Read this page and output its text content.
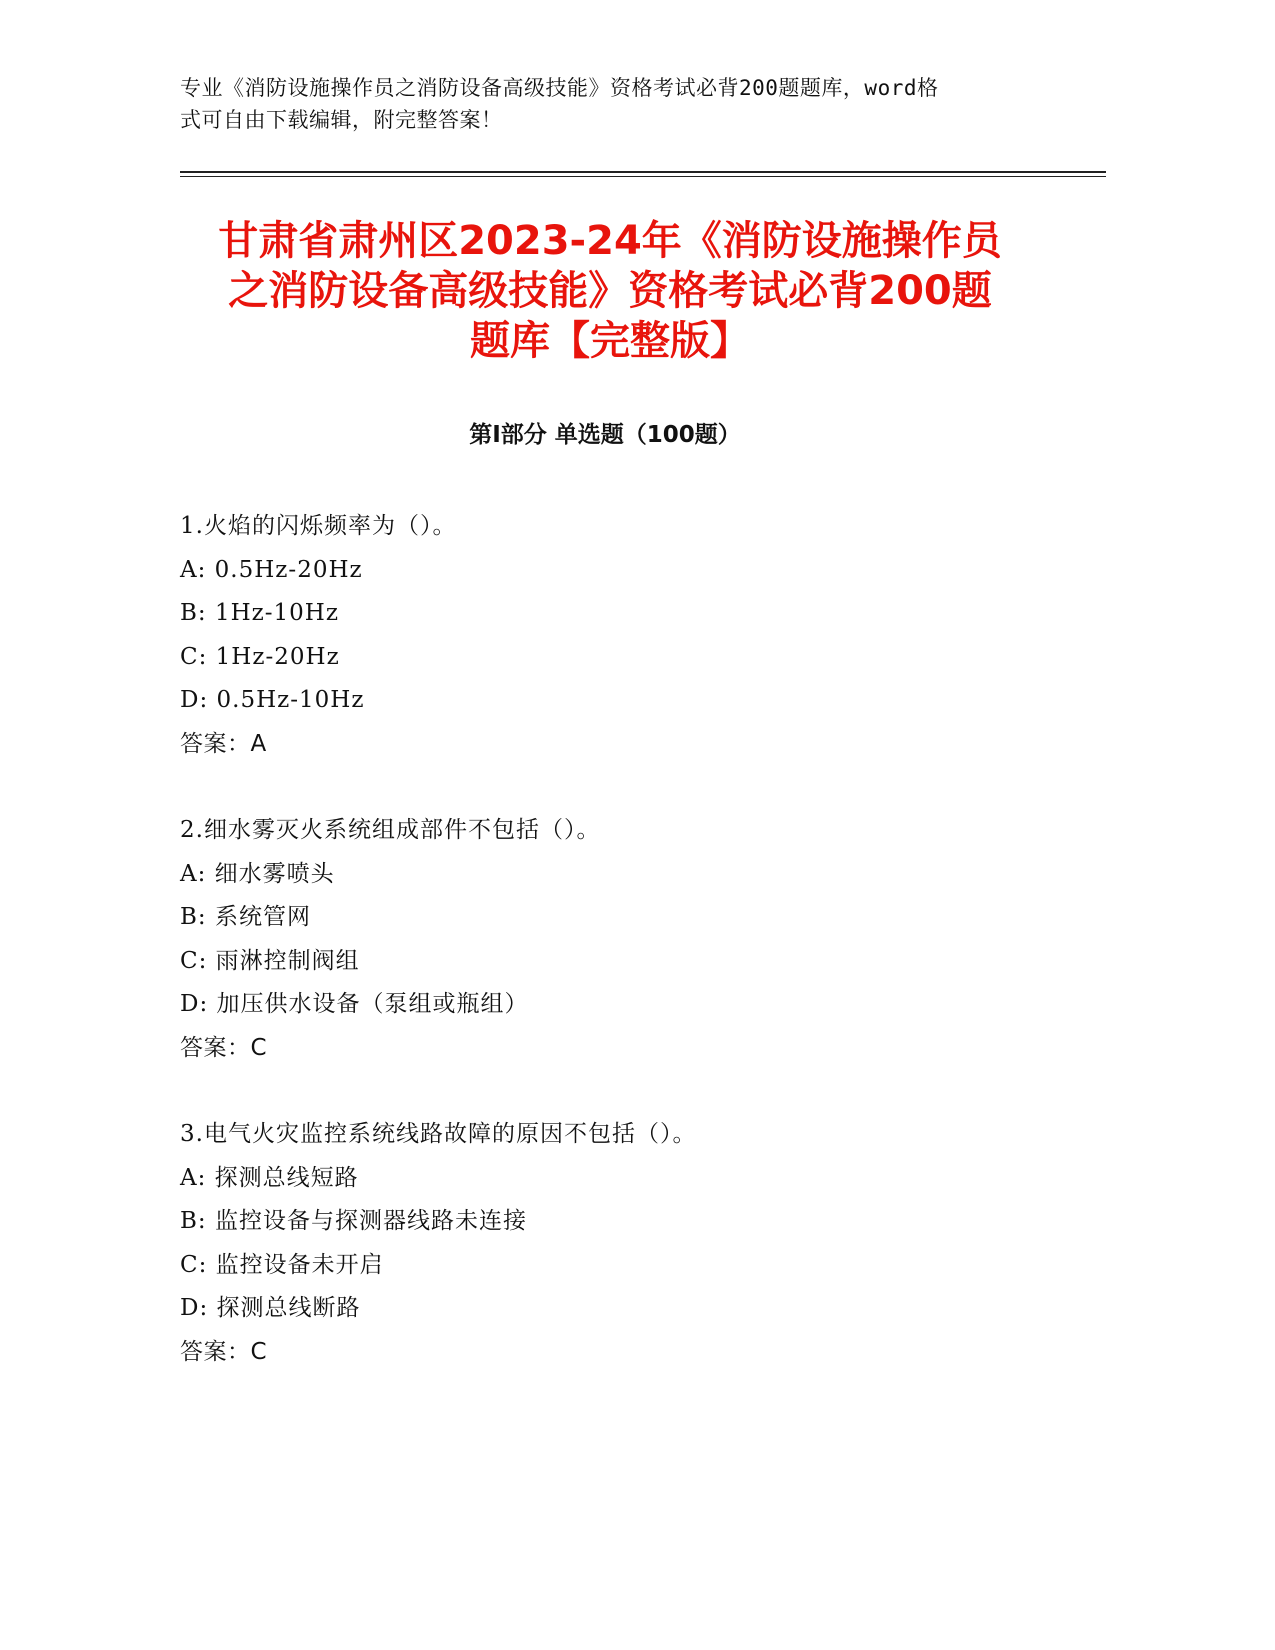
专业《消防设施操作员之消防设备高级技能》资格考试必背200题题库，word格
式可自由下载编辑，附完整答案！
甘肃省肃州区2023-24年《消防设施操作员
之消防设备高级技能》资格考试必背200题
题库【完整版】
第Ⅰ部分 单选题（100题）
1.火焰的闪烁频率为（）。
A: 0.5Hz-20Hz
B: 1Hz-10Hz
C: 1Hz-20Hz
D: 0.5Hz-10Hz
答案：A
2.细水雾灭火系统组成部件不包括（）。
A: 细水雾喷头
B: 系统管网
C: 雨淋控制阀组
D: 加压供水设备（泵组或瓶组）
答案：C
3.电气火灾监控系统线路故障的原因不包括（）。
A: 探测总线短路
B: 监控设备与探测器线路未连接
C: 监控设备未开启
D: 探测总线断路
答案：C
